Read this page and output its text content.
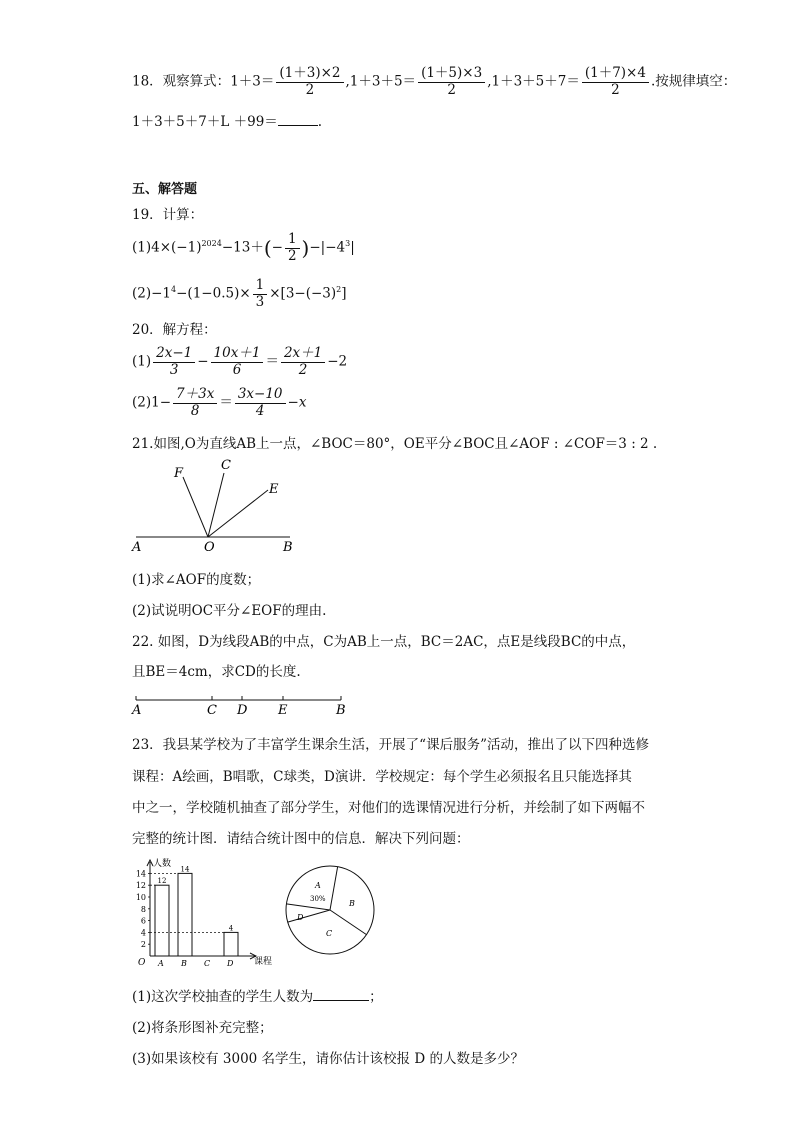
18．观察算式：$1+3= \frac{(1+3)\times 2}{2} ,1+3+5= \frac{(1+5)\times 3}{2} ,1+3+5+7= \frac{(1+7)\times 4}{2}$ .按规律填空：
1＋3＋5＋7＋L ＋99＝	.
五、解答题
19．计算：
$(1)4\times(-1)^{2024}-13+(- \frac{1}{2} )-|-4^3|$
$(2)-1^4-(1-0.5)\times \frac{1}{3} \times[3-(-3)^2]$
20．解方程：
$(1) \frac{2x-1}{3} - \frac{10x+1}{6} = \frac{2x+1}{2} -2$
$(2)1- \frac{7+3x}{8} = \frac{3x-10}{4} -x$
21.如图,O为直线AB上一点，∠BOC＝80°，OE平分∠BOC且∠AOF : ∠COF＝3 : 2 .
F
C
E
A	O	B
(1)求∠AOF的度数；
(2)试说明OC平分∠EOF的理由.
22. 如图，D为线段AB的中点，C为AB上一点，BC＝2AC，点E是线段BC的中点，
且BE＝4cm，求CD的长度.
A	C D E	B
23．我县某学校为了丰富学生课余生活，开展了“课后服务”活动，推出了以下四种选修
课程：A绘画，B唱歌，C球类，D演讲．学校规定：每个学生必须报名且只能选择其
中之一，学校随机抽查了部分学生，对他们的选课情况进行分析，并绘制了如下两幅不
完整的统计图．请结合统计图中的信息．解决下列问题：
人数
课程
O
2
4
6
8
10
12
14
A
12
B
14
C D
4
A
B
C
D
30%
(1)这次学校抽查的学生人数为	；
(2)将条形图补充完整；
(3)如果该校有 3000 名学生，请你估计该校报 D 的人数是多少？
